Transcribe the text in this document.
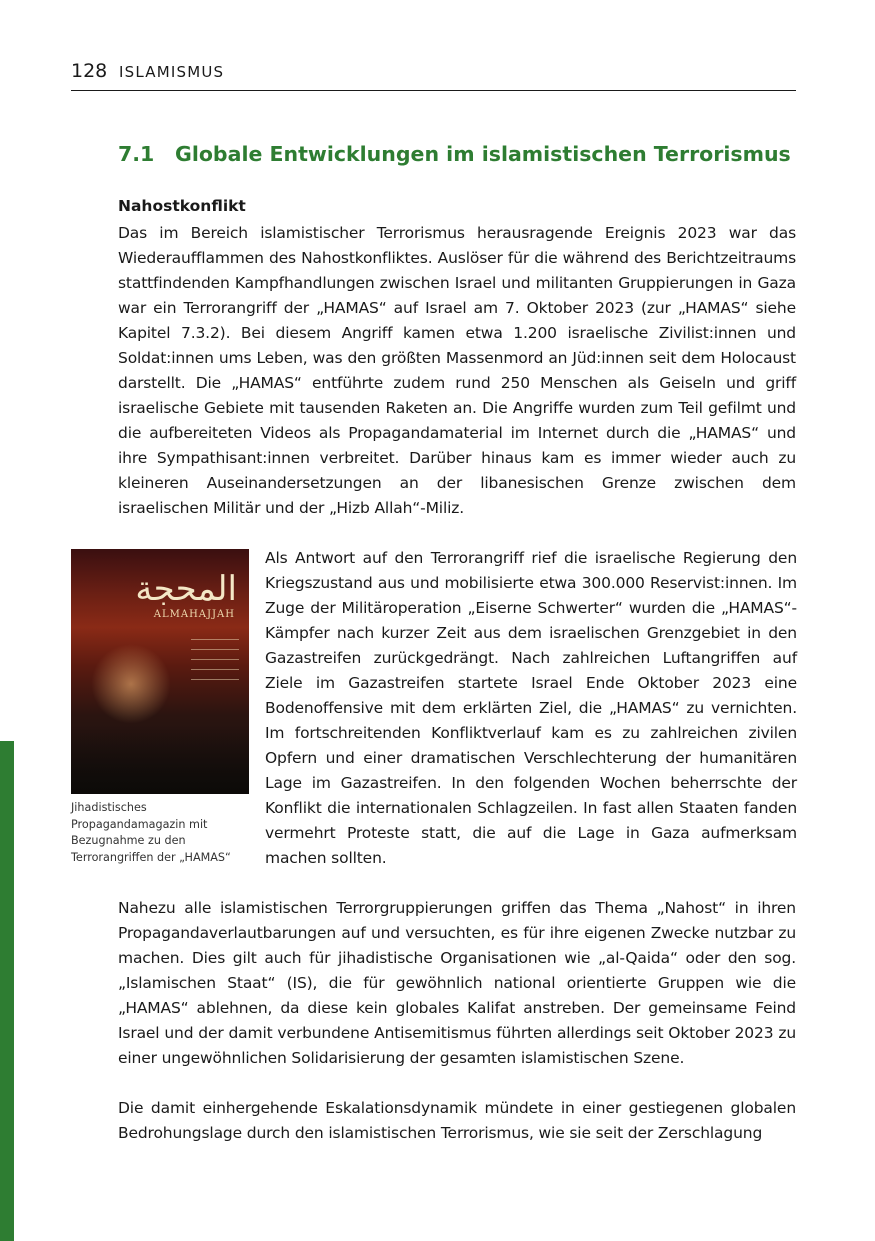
128 ISLAMISMUS
7.1 Globale Entwicklungen im islamistischen Terrorismus
Nahostkonflikt

Das im Bereich islamistischer Terrorismus herausragende Ereignis 2023 war das Wiederaufflammen des Nahostkonfliktes. Auslöser für die während des Berichtzeitraums stattfindenden Kampfhandlungen zwischen Israel und militanten Gruppierungen in Gaza war ein Terrorangriff der „HAMAS“ auf Israel am 7. Oktober 2023 (zur „HAMAS“ siehe Kapitel 7.3.2). Bei diesem Angriff kamen etwa 1.200 israelische Zivilist:innen und Soldat:innen ums Leben, was den größten Massenmord an Jüd:innen seit dem Holocaust darstellt. Die „HAMAS“ entführte zudem rund 250 Menschen als Geiseln und griff israelische Gebiete mit tausenden Raketen an. Die Angriffe wurden zum Teil gefilmt und die aufbereiteten Videos als Propagandamaterial im Internet durch die „HAMAS“ und ihre Sympathisant:innen verbreitet. Darüber hinaus kam es immer wieder auch zu kleineren Auseinandersetzungen an der libanesischen Grenze zwischen dem israelischen Militär und der „Hizb Allah“-Miliz.

المحجة
ALMAHAJJAH

Jihadistisches Propagandamagazin mit Bezugnahme zu den Terrorangriffen der „HAMAS“

Als Antwort auf den Terrorangriff rief die israelische Regierung den Kriegszustand aus und mobilisierte etwa 300.000 Reservist:innen. Im Zuge der Militäroperation „Eiserne Schwerter“ wurden die „HAMAS“-Kämpfer nach kurzer Zeit aus dem israelischen Grenzgebiet in den Gazastreifen zurückgedrängt. Nach zahlreichen Luftangriffen auf Ziele im Gazastreifen startete Israel Ende Oktober 2023 eine Bodenoffensive mit dem erklärten Ziel, die „HAMAS“ zu vernichten. Im fortschreitenden Konfliktverlauf kam es zu zahlreichen zivilen Opfern und einer dramatischen Verschlechterung der humanitären Lage im Gazastreifen. In den folgenden Wochen beherrschte der Konflikt die internationalen Schlagzeilen. In fast allen Staaten fanden vermehrt Proteste statt, die auf die Lage in Gaza aufmerksam machen sollten.

Nahezu alle islamistischen Terrorgruppierungen griffen das Thema „Nahost“ in ihren Propagandaverlautbarungen auf und versuchten, es für ihre eigenen Zwecke nutzbar zu machen. Dies gilt auch für jihadistische Organisationen wie „al-Qaida“ oder den sog. „Islamischen Staat“ (IS), die für gewöhnlich national orientierte Gruppen wie die „HAMAS“ ablehnen, da diese kein globales Kalifat anstreben. Der gemeinsame Feind Israel und der damit verbundene Antisemitismus führten allerdings seit Oktober 2023 zu einer ungewöhnlichen Solidarisierung der gesamten islamistischen Szene.

Die damit einhergehende Eskalationsdynamik mündete in einer gestiegenen globalen Bedrohungslage durch den islamistischen Terrorismus, wie sie seit der Zerschlagung
